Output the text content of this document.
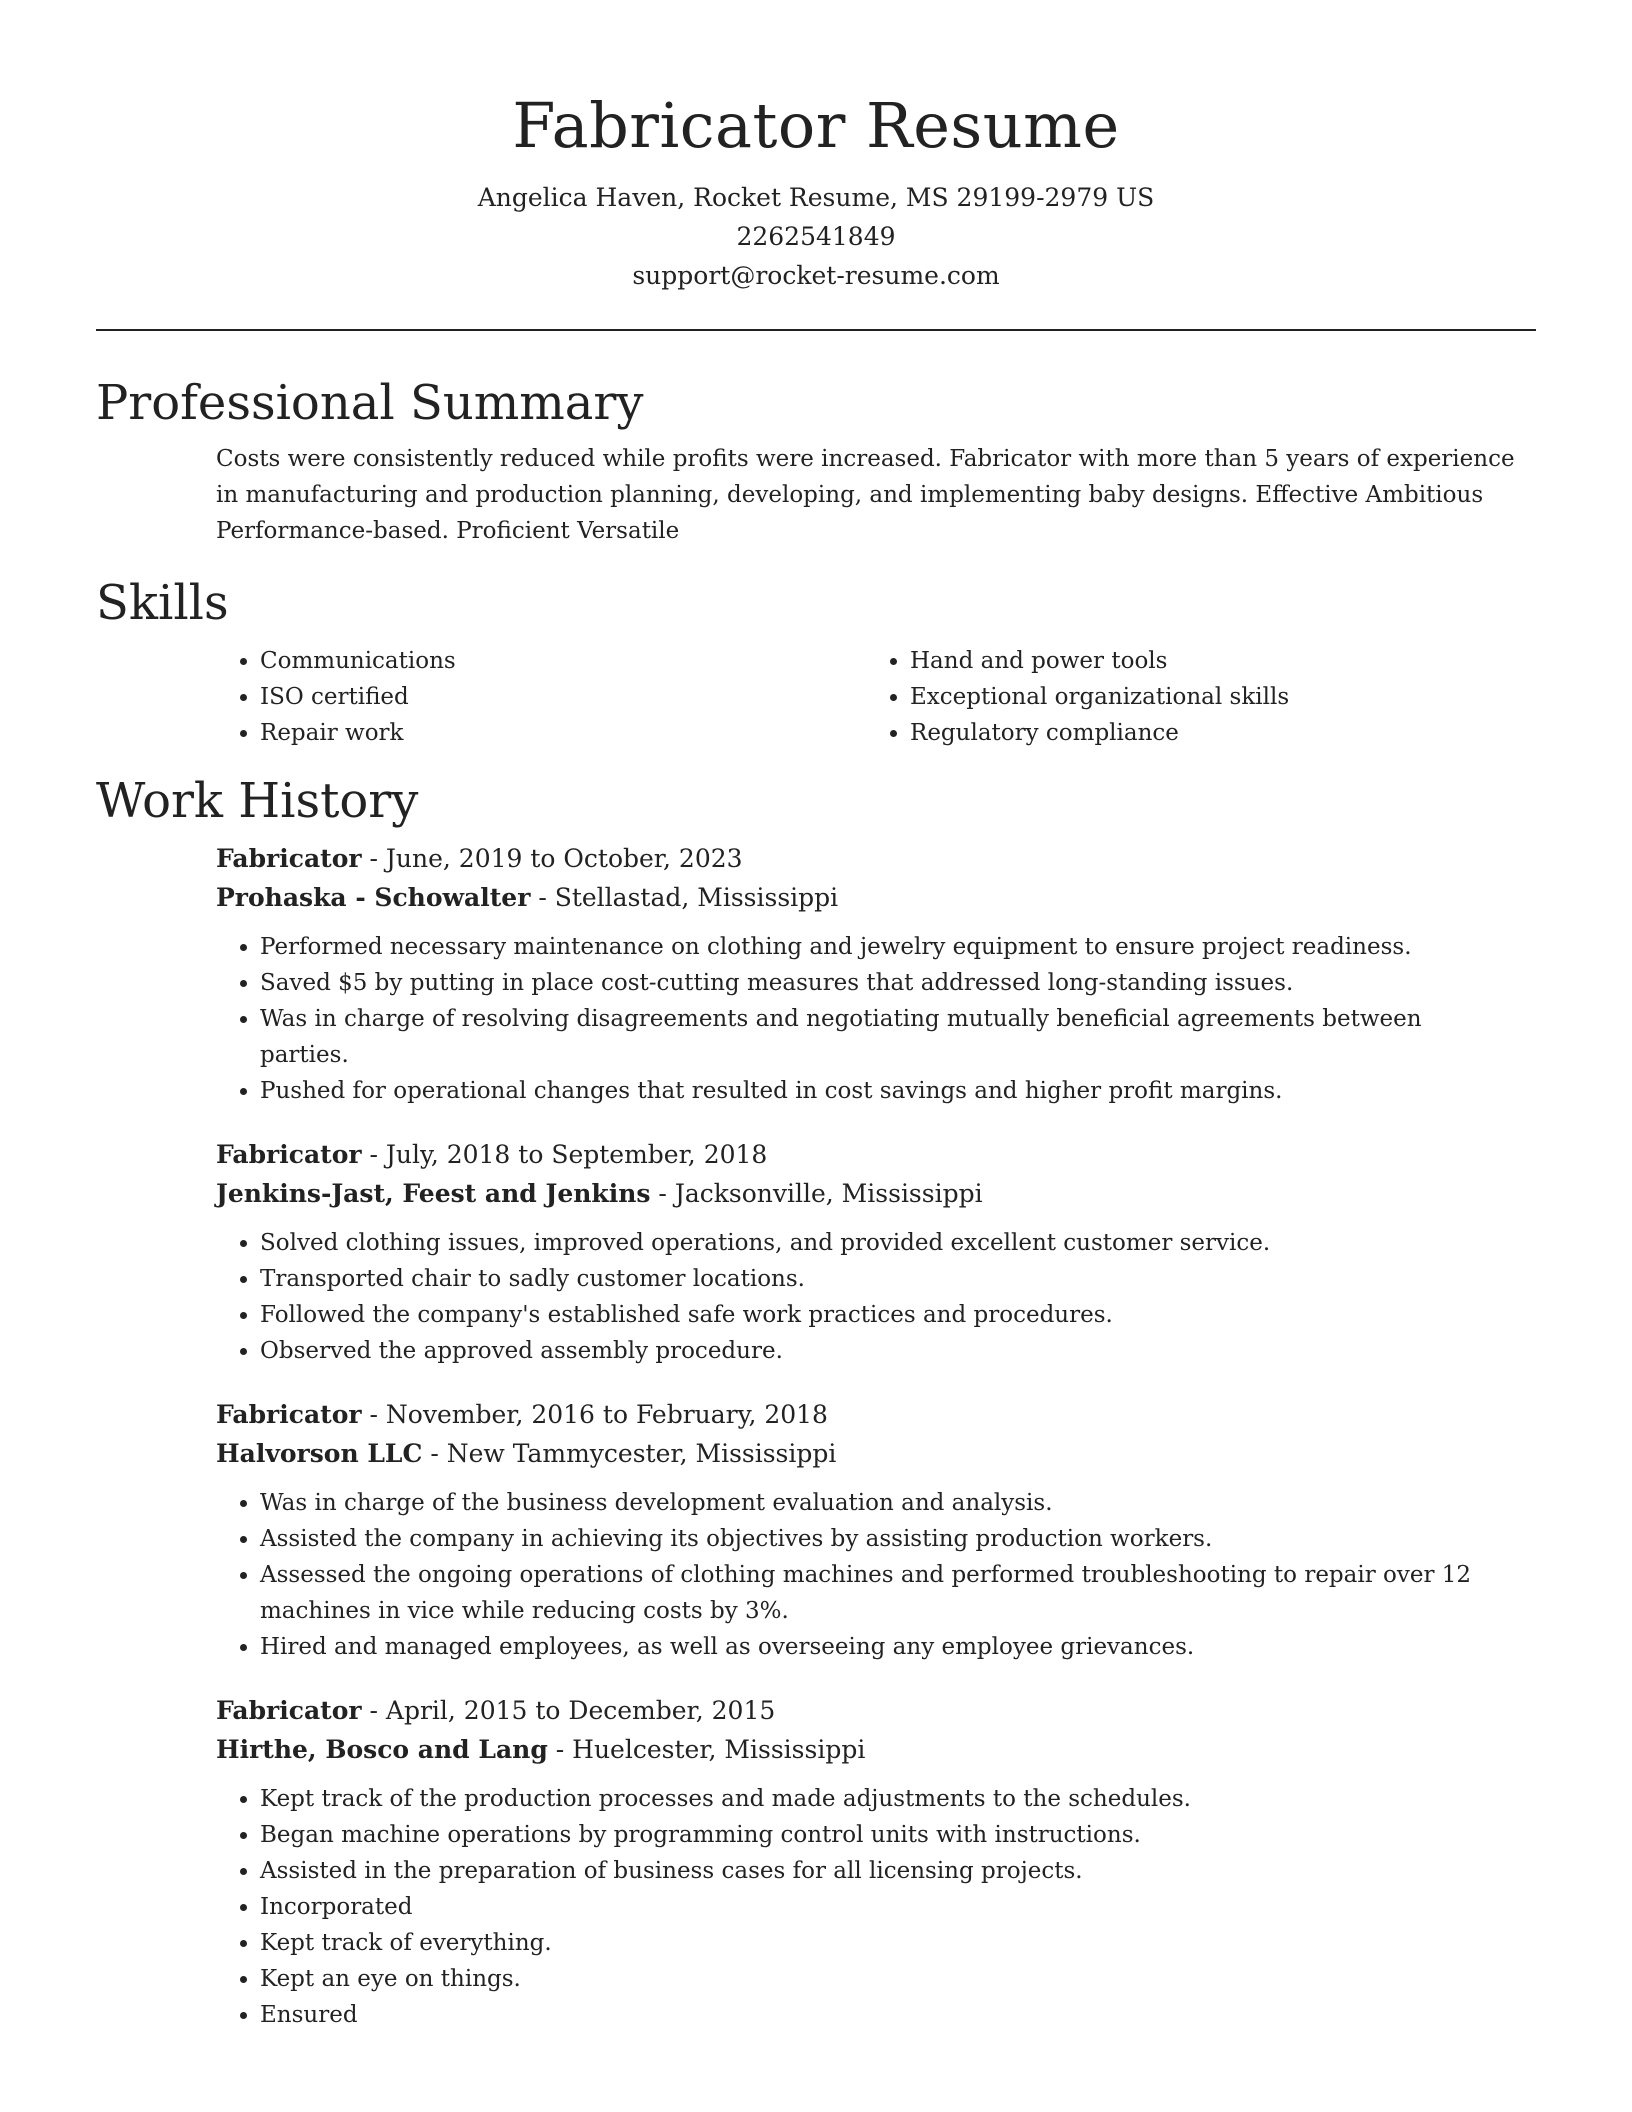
Fabricator Resume
Angelica Haven, Rocket Resume, MS 29199-2979 US
2262541849
support@rocket-resume.com
Professional Summary
Costs were consistently reduced while profits were increased. Fabricator with more than 5 years of experience in manufacturing and production planning, developing, and implementing baby designs. Effective Ambitious Performance-based. Proficient Versatile
Skills
• Communications
• ISO certified
• Repair work
• Hand and power tools
• Exceptional organizational skills
• Regulatory compliance
Work History
Fabricator - June, 2019 to October, 2023
Prohaska - Schowalter - Stellastad, Mississippi
• Performed necessary maintenance on clothing and jewelry equipment to ensure project readiness.
• Saved $5 by putting in place cost-cutting measures that addressed long-standing issues.
• Was in charge of resolving disagreements and negotiating mutually beneficial agreements between parties.
• Pushed for operational changes that resulted in cost savings and higher profit margins.
Fabricator - July, 2018 to September, 2018
Jenkins-Jast, Feest and Jenkins - Jacksonville, Mississippi
• Solved clothing issues, improved operations, and provided excellent customer service.
• Transported chair to sadly customer locations.
• Followed the company's established safe work practices and procedures.
• Observed the approved assembly procedure.
Fabricator - November, 2016 to February, 2018
Halvorson LLC - New Tammycester, Mississippi
• Was in charge of the business development evaluation and analysis.
• Assisted the company in achieving its objectives by assisting production workers.
• Assessed the ongoing operations of clothing machines and performed troubleshooting to repair over 12 machines in vice while reducing costs by 3%.
• Hired and managed employees, as well as overseeing any employee grievances.
Fabricator - April, 2015 to December, 2015
Hirthe, Bosco and Lang - Huelcester, Mississippi
• Kept track of the production processes and made adjustments to the schedules.
• Began machine operations by programming control units with instructions.
• Assisted in the preparation of business cases for all licensing projects.
• Incorporated
• Kept track of everything.
• Kept an eye on things.
• Ensured
